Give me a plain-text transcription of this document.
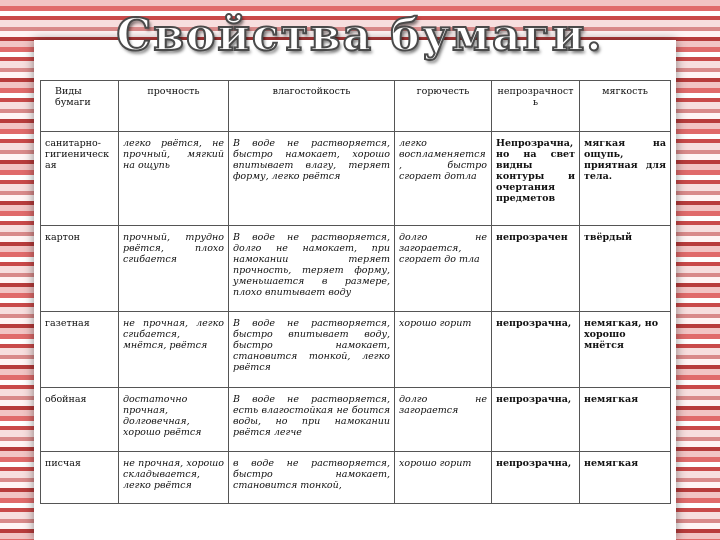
Свойства бумаги.
Виды бумаги	прочность	влагостойкость	горючесть	непрозрачность	мягкость
санитарно-гигиеническая	легко рвётся, не прочный, мягкий на ощупь	В воде не растворяется, быстро намокает, хорошо впитывает влагу, теряет форму, легко рвётся	легко воспламеняется, быстро сгорает дотла	Непрозрачна, но на свет видны контуры и очертания предметов	мягкая на ощупь, приятная для тела.
картон	прочный, трудно рвётся, плохо сгибается	В воде не растворяется, долго не намокает, при намокании теряет прочность, теряет форму, уменьшается в размере, плохо впитывает воду	долго не загорается, сгорает до тла	непрозрачен	твёрдый
газетная	не прочная, легко сгибается, мнётся, рвётся	В воде не растворяется, быстро впитывает воду, быстро намокает, становится тонкой, легко рвётся	хорошо горит	непрозрачна,	немягкая, но хорошо мнётся
обойная	достаточно прочная, долговечная, хорошо рвётся	В воде не растворяется, есть влагостойкая не боится воды, но при намокании рвётся легче	долго не загорается	непрозрачна,	немягкая
писчая	не прочная, хорошо складывается, легко рвётся	в воде не растворяется, быстро намокает, становится тонкой,	хорошо горит	непрозрачна,	немягкая
